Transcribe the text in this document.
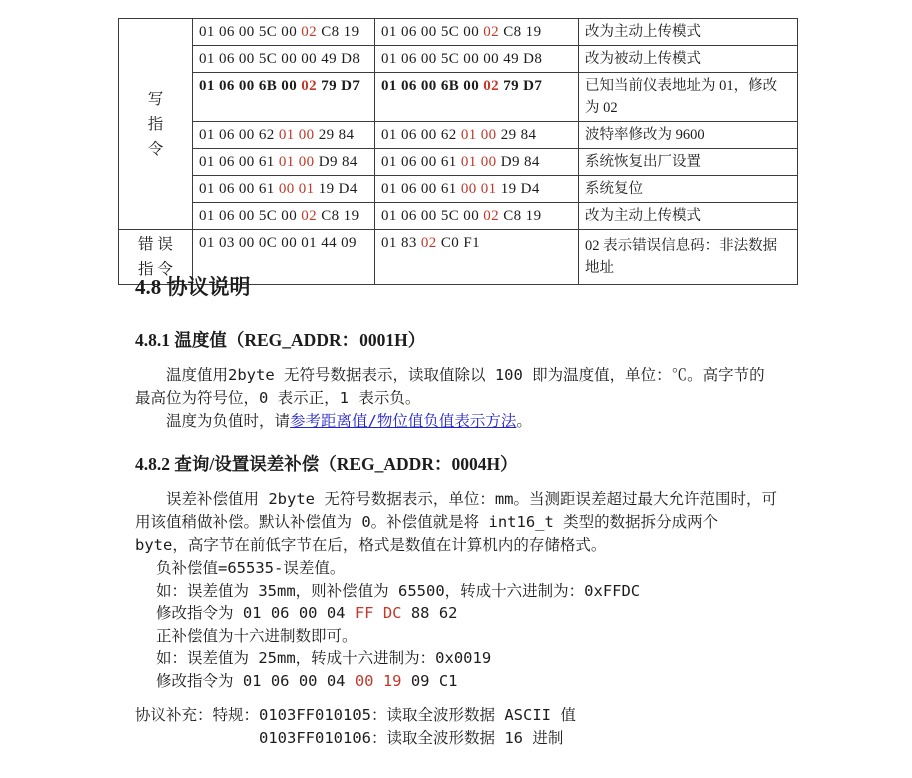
写
指
令	01 06 00 5C 00 02 C8 19	01 06 00 5C 00 02 C8 19	改为主动上传模式
	01 06 00 5C 00 00 49 D8	01 06 00 5C 00 00 49 D8	改为被动上传模式
	01 06 00 6B 00 02 79 D7	01 06 00 6B 00 02 79 D7	已知当前仪表地址为 01，修改为 02
	01 06 00 62 01 00 29 84	01 06 00 62 01 00 29 84	波特率修改为 9600
	01 06 00 61 01 00 D9 84	01 06 00 61 01 00 D9 84	系统恢复出厂设置
	01 06 00 61 00 01 19 D4	01 06 00 61 00 01 19 D4	系统复位
	01 06 00 5C 00 02 C8 19	01 06 00 5C 00 02 C8 19	改为主动上传模式
错 误
指 令	01 03 00 0C 00 01 44 09	01 83 02 C0 F1	02 表示错误信息码：非法数据地址
4.8 协议说明
4.8.1 温度值（REG_ADDR：0001H）

温度值用2byte 无符号数据表示，读取值除以 100 即为温度值，单位：℃。高字节的最高位为符号位，0 表示正，1 表示负。

温度为负值时，请参考距离值/物位值负值表示方法。

4.8.2 查询/设置误差补偿（REG_ADDR：0004H）

误差补偿值用 2byte 无符号数据表示，单位：mm。当测距误差超过最大允许范围时，可用该值稍做补偿。默认补偿值为 0。补偿值就是将 int16_t 类型的数据拆分成两个 byte，高字节在前低字节在后，格式是数值在计算机内的存储格式。

负补偿值=65535-误差值。
如：误差值为 35mm，则补偿值为 65500，转成十六进制为：0xFFDC
修改指令为 01 06 00 04 FF DC 88 62
正补偿值为十六进制数即可。
如：误差值为 25mm，转成十六进制为：0x0019
修改指令为 01 06 00 04 00 19 09 C1
协议补充：特规： 0103FF010105：读取全波形数据 ASCII 值
0103FF010106：读取全波形数据 16 进制
